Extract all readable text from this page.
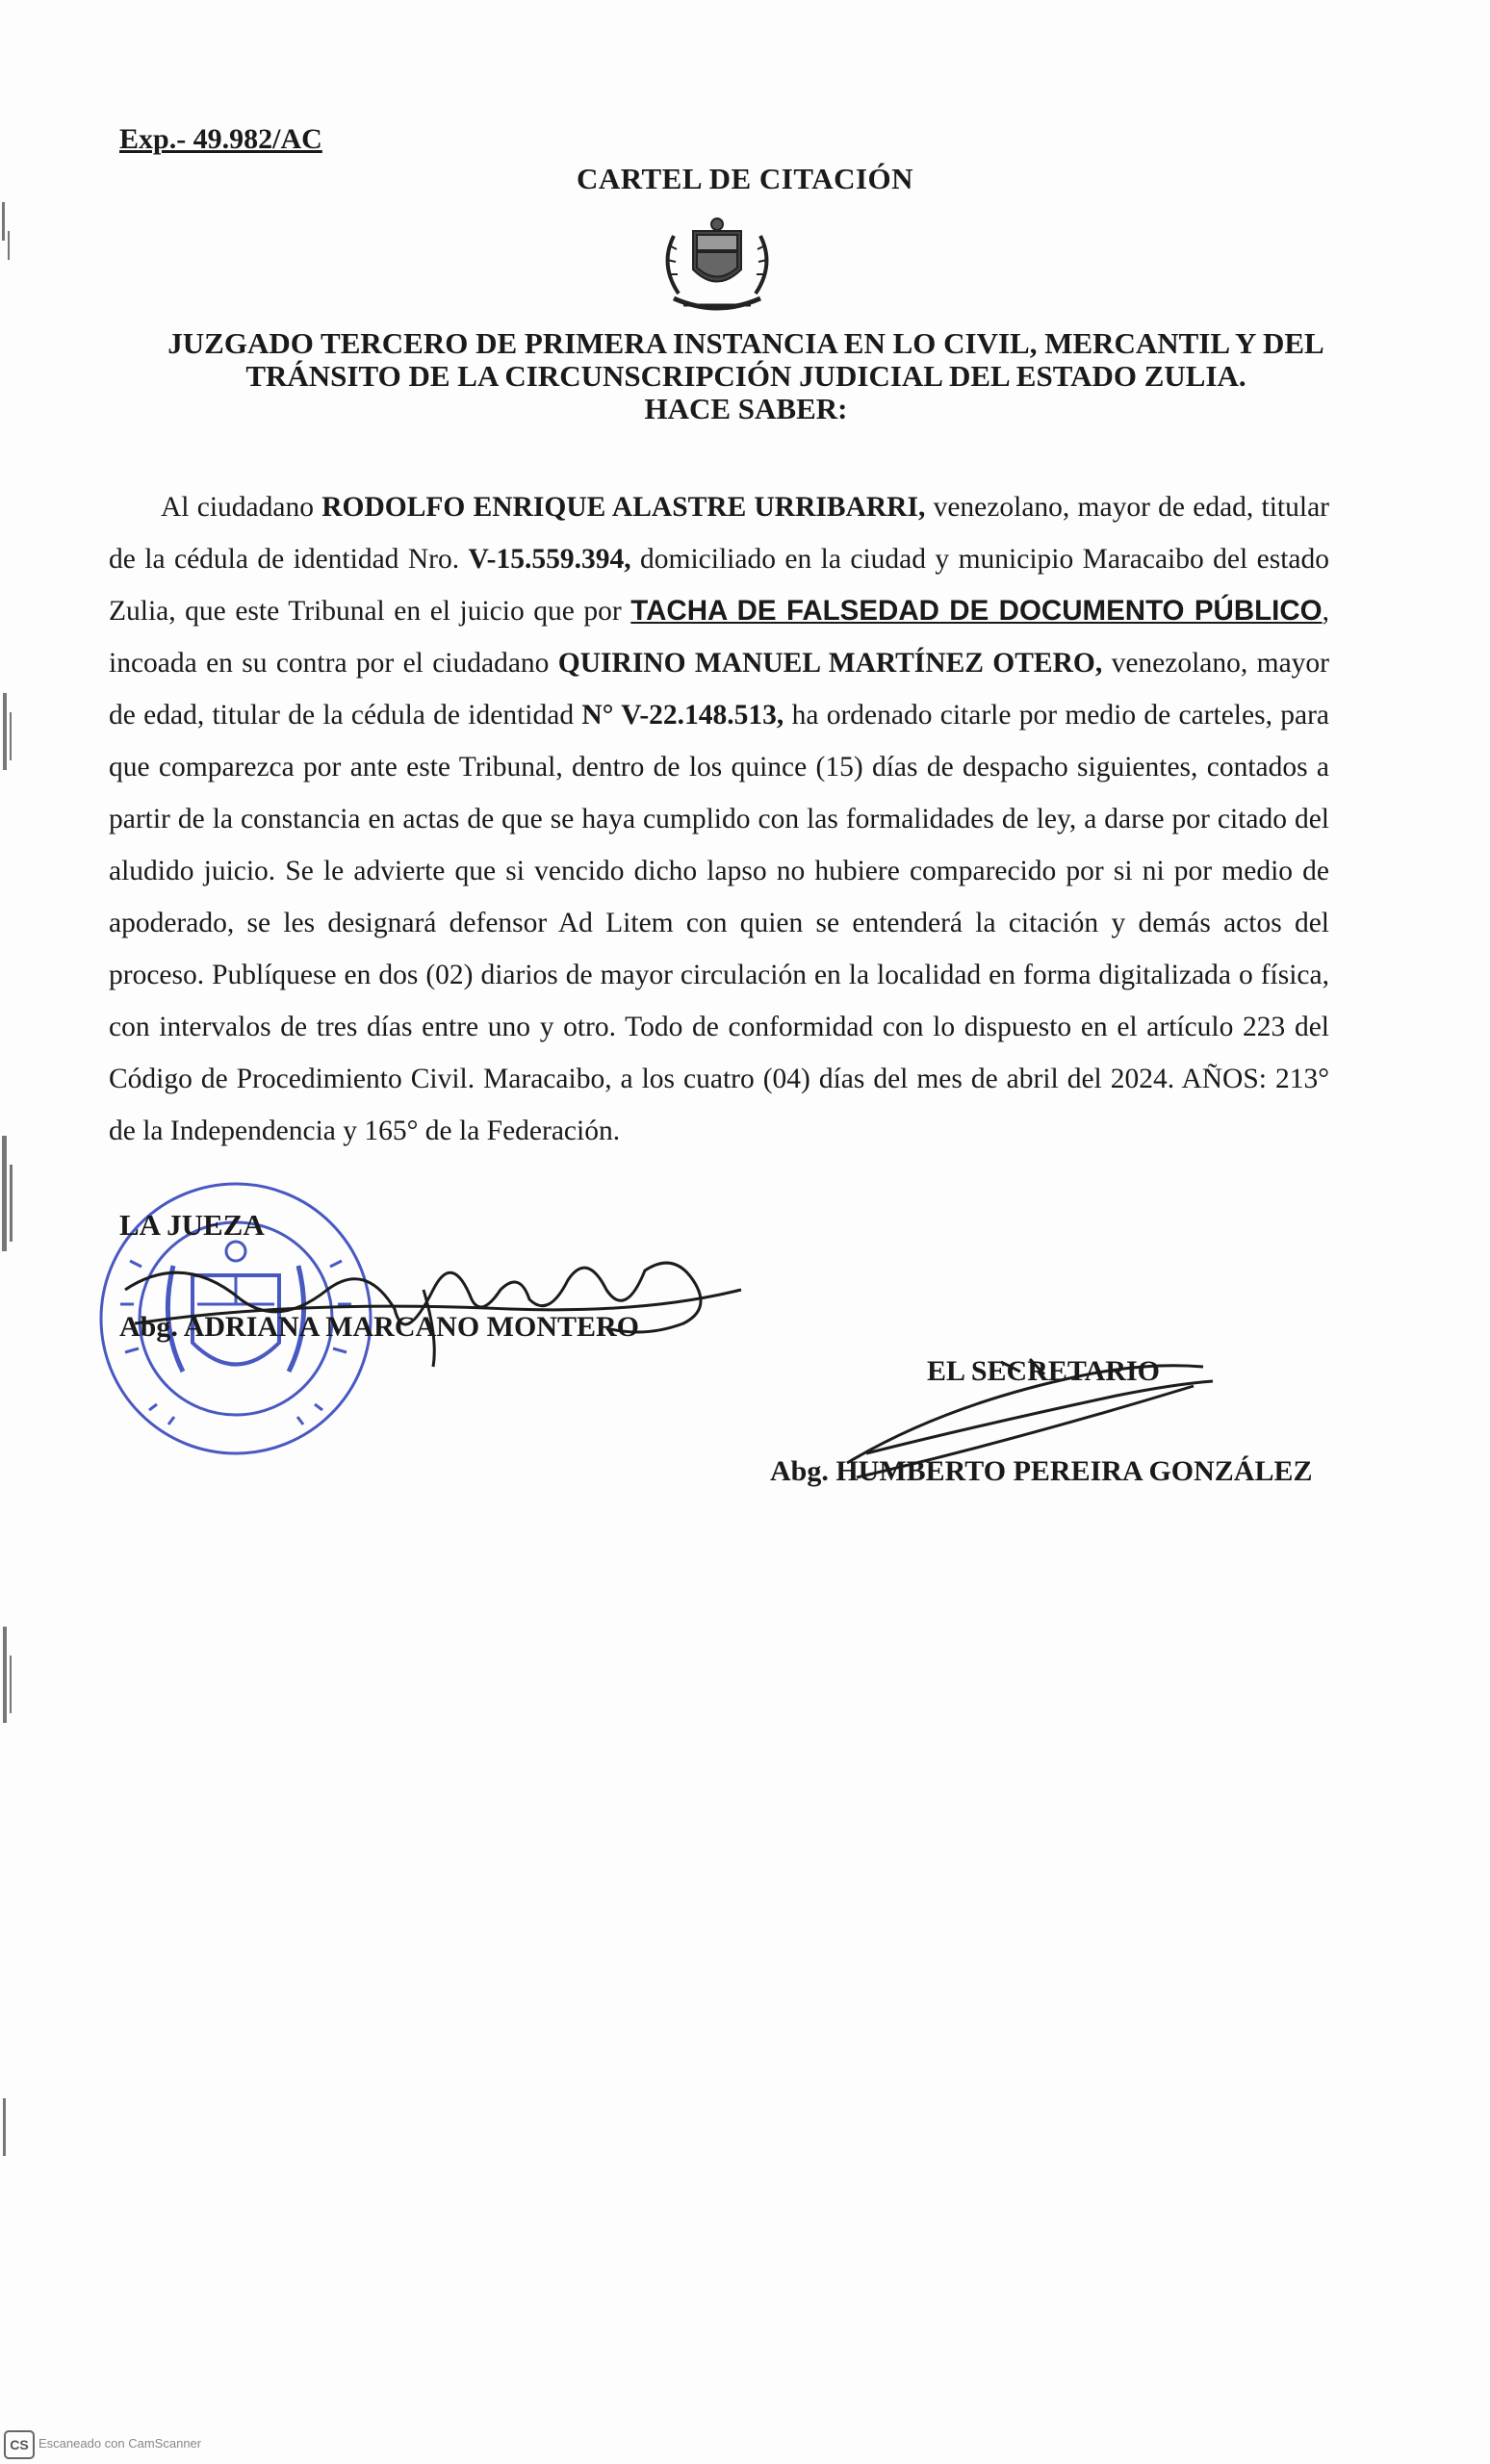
Exp.- 49.982/AC
CARTEL DE CITACIÓN
JUZGADO TERCERO DE PRIMERA INSTANCIA EN LO CIVIL, MERCANTIL Y DEL
TRÁNSITO DE LA CIRCUNSCRIPCIÓN JUDICIAL DEL ESTADO ZULIA.
HACE SABER:
Al ciudadano RODOLFO ENRIQUE ALASTRE URRIBARRI, venezolano, mayor de edad, titular de la cédula de identidad Nro. V-15.559.394, domiciliado en la ciudad y municipio Maracaibo del estado Zulia, que este Tribunal en el juicio que por TACHA DE FALSEDAD DE DOCUMENTO PÚBLICO, incoada en su contra por el ciudadano QUIRINO MANUEL MARTÍNEZ OTERO, venezolano, mayor de edad, titular de la cédula de identidad N° V-22.148.513, ha ordenado citarle por medio de carteles, para que comparezca por ante este Tribunal, dentro de los quince (15) días de despacho siguientes, contados a partir de la constancia en actas de que se haya cumplido con las formalidades de ley, a darse por citado del aludido juicio. Se le advierte que si vencido dicho lapso no hubiere comparecido por si ni por medio de apoderado, se les designará defensor Ad Litem con quien se entenderá la citación y demás actos del proceso. Publíquese en dos (02) diarios de mayor circulación en la localidad en forma digitalizada o física, con intervalos de tres días entre uno y otro. Todo de conformidad con lo dispuesto en el artículo 223 del Código de Procedimiento Civil. Maracaibo, a los cuatro (04) días del mes de abril del 2024. AÑOS: 213° de la Independencia y 165° de la Federación.
LA JUEZA
Abg. ADRIANA MARCANO MONTERO
EL SECRETARIO
Abg. HUMBERTO PEREIRA GONZÁLEZ
CS Escaneado con CamScanner
